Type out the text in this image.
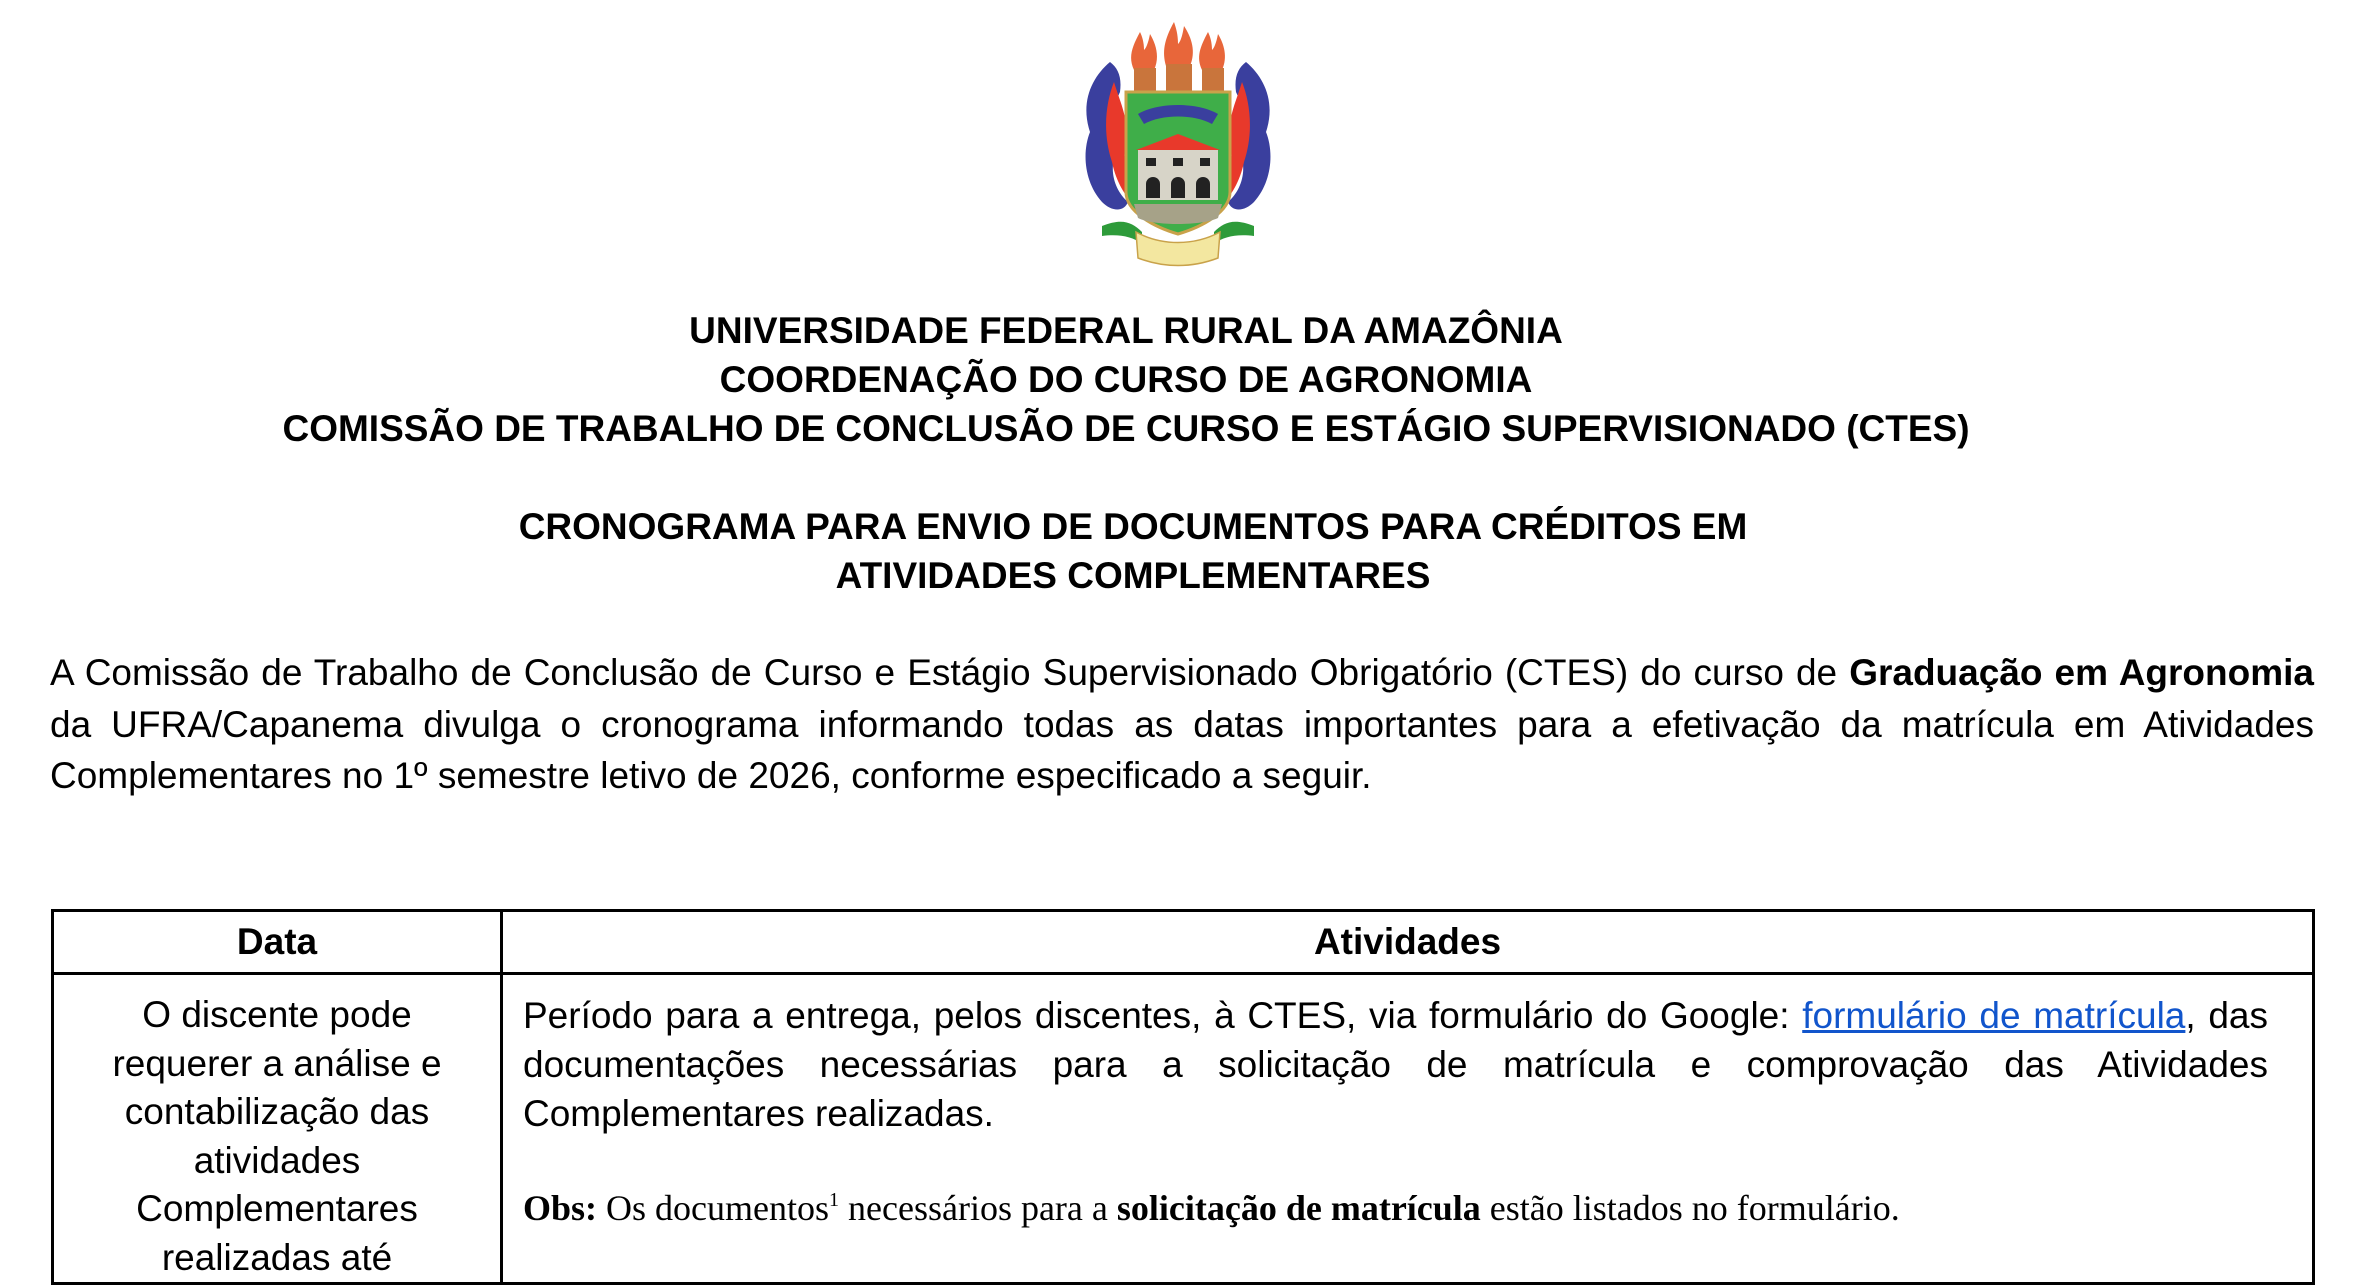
UNIVERSIDADE FEDERAL RURAL DA AMAZÔNIA
COORDENAÇÃO DO CURSO DE AGRONOMIA
COMISSÃO DE TRABALHO DE CONCLUSÃO DE CURSO E ESTÁGIO SUPERVISIONADO (CTES)
CRONOGRAMA PARA ENVIO DE DOCUMENTOS PARA CRÉDITOS EM
ATIVIDADES COMPLEMENTARES
A Comissão de Trabalho de Conclusão de Curso e Estágio Supervisionado Obrigatório (CTES) do curso de Graduação em Agronomia da UFRA/Capanema divulga o cronograma informando todas as datas importantes para a efetivação da matrícula em Atividades Complementares no 1º semestre letivo de 2026, conforme especificado a seguir.
Data	Atividades
O discente pode requerer a análise e contabilização das atividades Complementares realizadas até	Período para a entrega, pelos discentes, à CTES, via formulário do Google: formulário de matrícula, das documentações necessárias para a solicitação de matrícula e comprovação das Atividades Complementares realizadas.
Obs: Os documentos$^1$ necessários para a solicitação de matrícula estão listados no formulário.
